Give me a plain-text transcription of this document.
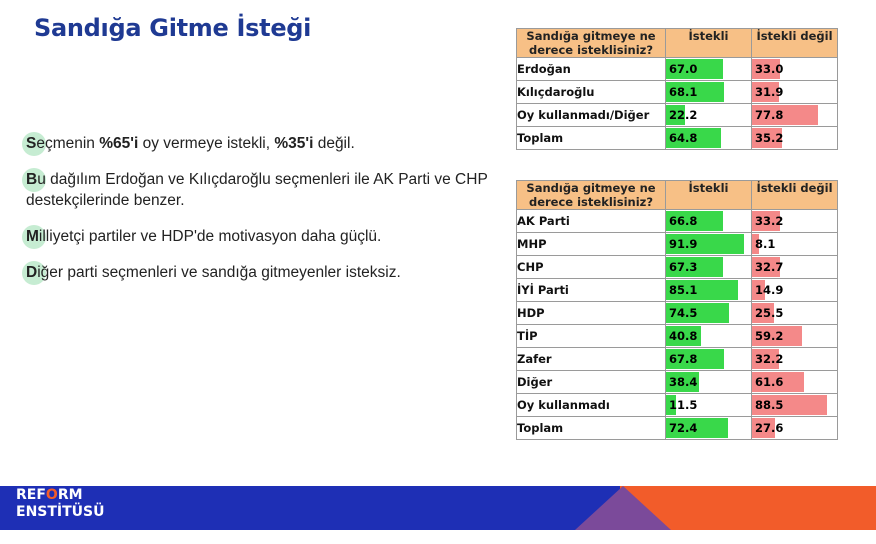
Sandığa Gitme İsteği
Seçmenin %65'i oy vermeye istekli, %35'i değil.
Bu dağılım Erdoğan ve Kılıçdaroğlu seçmenleri ile AK Parti ve CHP destekçilerinde benzer.
Milliyetçi partiler ve HDP'de motivasyon daha güçlü.
Diğer parti seçmenleri ve sandığa gitmeyenler isteksiz.
Sandığa gitmeye ne derece isteklisiniz?	İstekli	İstekli değil
Erdoğan	67.0	33.0
Kılıçdaroğlu	68.1	31.9
Oy kullanmadı/Diğer	22.2	77.8
Toplam	64.8	35.2
Sandığa gitmeye ne derece isteklisiniz?	İstekli	İstekli değil
AK Parti	66.8	33.2
MHP	91.9	8.1
CHP	67.3	32.7
İYİ Parti	85.1	14.9
HDP	74.5	25.5
TİP	40.8	59.2
Zafer	67.8	32.2
Diğer	38.4	61.6
Oy kullanmadı	11.5	88.5
Toplam	72.4	27.6
REFORM
ENSTİTÜSÜ
